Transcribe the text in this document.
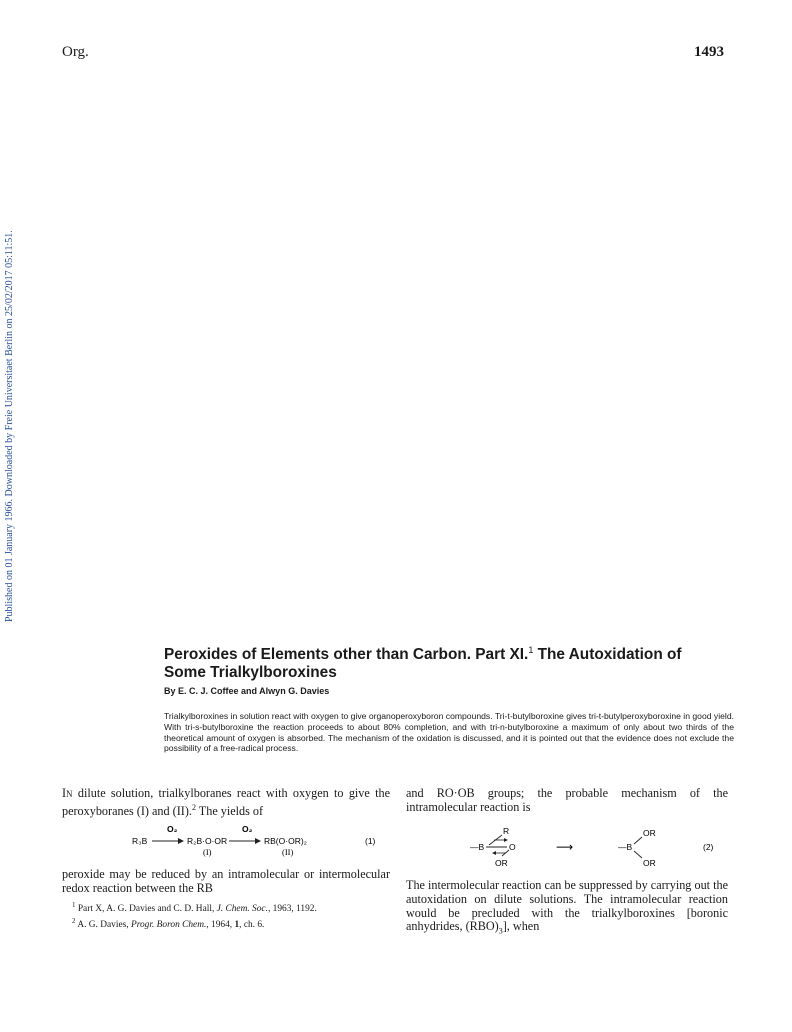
Org.	1493
Published on 01 January 1966. Downloaded by Freie Universitaet Berlin on 25/02/2017 05:11:51.
Peroxides of Elements other than Carbon. Part XI.$^1$ The Autoxidation of
Some Trialkylboroxines
By E. C. J. Coffee and Alwyn G. Davies
Trialkylboroxines in solution react with oxygen to give organoperoxyboron compounds. Tri-t-butylboroxine gives tri-t-butylperoxyboroxine in good yield. With tri-s-butylboroxine the reaction proceeds to about 80% completion, and with tri-n-butylboroxine a maximum of only about two thirds of the theoretical amount of oxygen is absorbed. The mechanism of the oxidation is discussed, and it is pointed out that the evidence does not exclude the possibility of a free-radical process.

In dilute solution, trialkylboranes react with oxygen to give the peroxyboranes (I) and (II).$^2$ The yields of

O₂	O₂
R₃B	R₂B·O·OR	RB(O·OR)₂
(I)	(II)
(1)

peroxide may be reduced by an intramolecular or intermolecular redox reaction between the RB

$^1$ Part X, A. G. Davies and C. D. Hall, J. Chem. Soc., 1963, 1192.

$^2$ A. G. Davies, Progr. Boron Chem., 1964, 1, ch. 6.

and RO·OB groups; the probable mechanism of the intramolecular reaction is

R
—B	O
OR
⟶	—B
OR
OR
(2)

The intermolecular reaction can be suppressed by carrying out the autoxidation on dilute solutions. The intramolecular reaction would be precluded with the trialkylboroxines [boronic anhydrides, $(RBO)_3$], when
